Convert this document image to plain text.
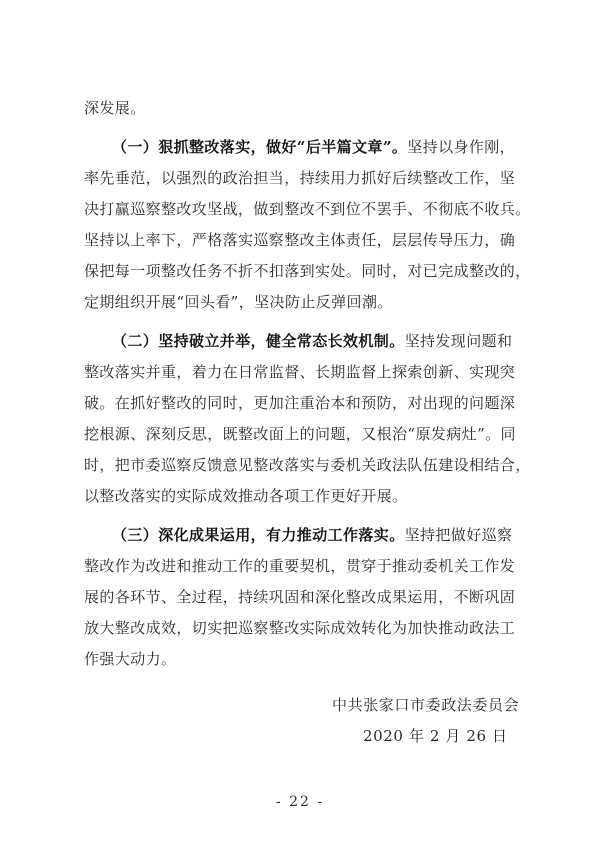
深发展。
（一）狠抓整改落实，做好“后半篇文章”。坚持以身作刚，
率先垂范，以强烈的政治担当，持续用力抓好后续整改工作，坚
决打赢巡察整改攻坚战，做到整改不到位不罢手、不彻底不收兵。
坚持以上率下，严格落实巡察整改主体责任，层层传导压力，确
保把每一项整改任务不折不扣落到实处。同时，对已完成整改的，
定期组织开展“回头看”，坚决防止反弹回潮。
（二）坚持破立并举，健全常态长效机制。坚持发现问题和
整改落实并重，着力在日常监督、长期监督上探索创新、实现突
破。在抓好整改的同时，更加注重治本和预防，对出现的问题深
挖根源、深刻反思，既整改面上的问题，又根治“原发病灶”。同
时，把市委巡察反馈意见整改落实与委机关政法队伍建设相结合，
以整改落实的实际成效推动各项工作更好开展。
（三）深化成果运用，有力推动工作落实。坚持把做好巡察
整改作为改进和推动工作的重要契机，贯穿于推动委机关工作发
展的各环节、全过程，持续巩固和深化整改成果运用，不断巩固
放大整改成效，切实把巡察整改实际成效转化为加快推动政法工
作强大动力。
中共张家口市委政法委员会
2020 年 2 月 26 日
- 22 -
